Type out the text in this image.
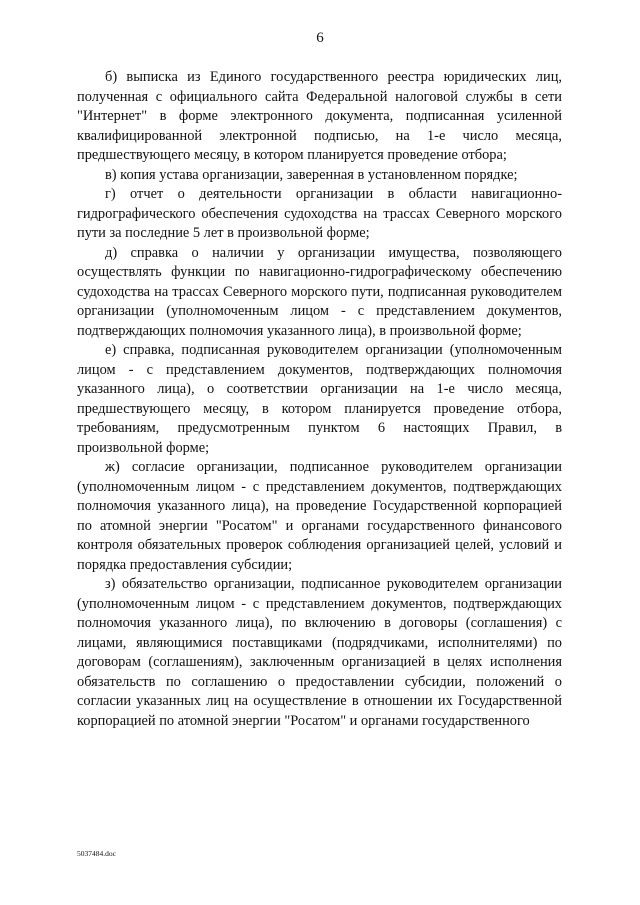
6

б) выписка из Единого государственного реестра юридических лиц, полученная с официального сайта Федеральной налоговой службы в сети "Интернет" в форме электронного документа, подписанная усиленной квалифицированной электронной подписью, на 1-е число месяца, предшествующего месяцу, в котором планируется проведение отбора;

в) копия устава организации, заверенная в установленном порядке;

г) отчет о деятельности организации в области навигационно-гидрографического обеспечения судоходства на трассах Северного морского пути за последние 5 лет в произвольной форме;

д) справка о наличии у организации имущества, позволяющего осуществлять функции по навигационно-гидрографическому обеспечению судоходства на трассах Северного морского пути, подписанная руководителем организации (уполномоченным лицом - с представлением документов, подтверждающих полномочия указанного лица), в произвольной форме;

е) справка, подписанная руководителем организации (уполномоченным лицом - с представлением документов, подтверждающих полномочия указанного лица), о соответствии организации на 1-е число месяца, предшествующего месяцу, в котором планируется проведение отбора, требованиям, предусмотренным пунктом 6 настоящих Правил, в произвольной форме;

ж) согласие организации, подписанное руководителем организации (уполномоченным лицом - с представлением документов, подтверждающих полномочия указанного лица), на проведение Государственной корпорацией по атомной энергии "Росатом" и органами государственного финансового контроля обязательных проверок соблюдения организацией целей, условий и порядка предоставления субсидии;

з) обязательство организации, подписанное руководителем организации (уполномоченным лицом - с представлением документов, подтверждающих полномочия указанного лица), по включению в договоры (соглашения) с лицами, являющимися поставщиками (подрядчиками, исполнителями) по договорам (соглашениям), заключенным организацией в целях исполнения обязательств по соглашению о предоставлении субсидии, положений о согласии указанных лиц на осуществление в отношении их Государственной корпорацией по атомной энергии "Росатом" и органами государственного

5037484.doc
